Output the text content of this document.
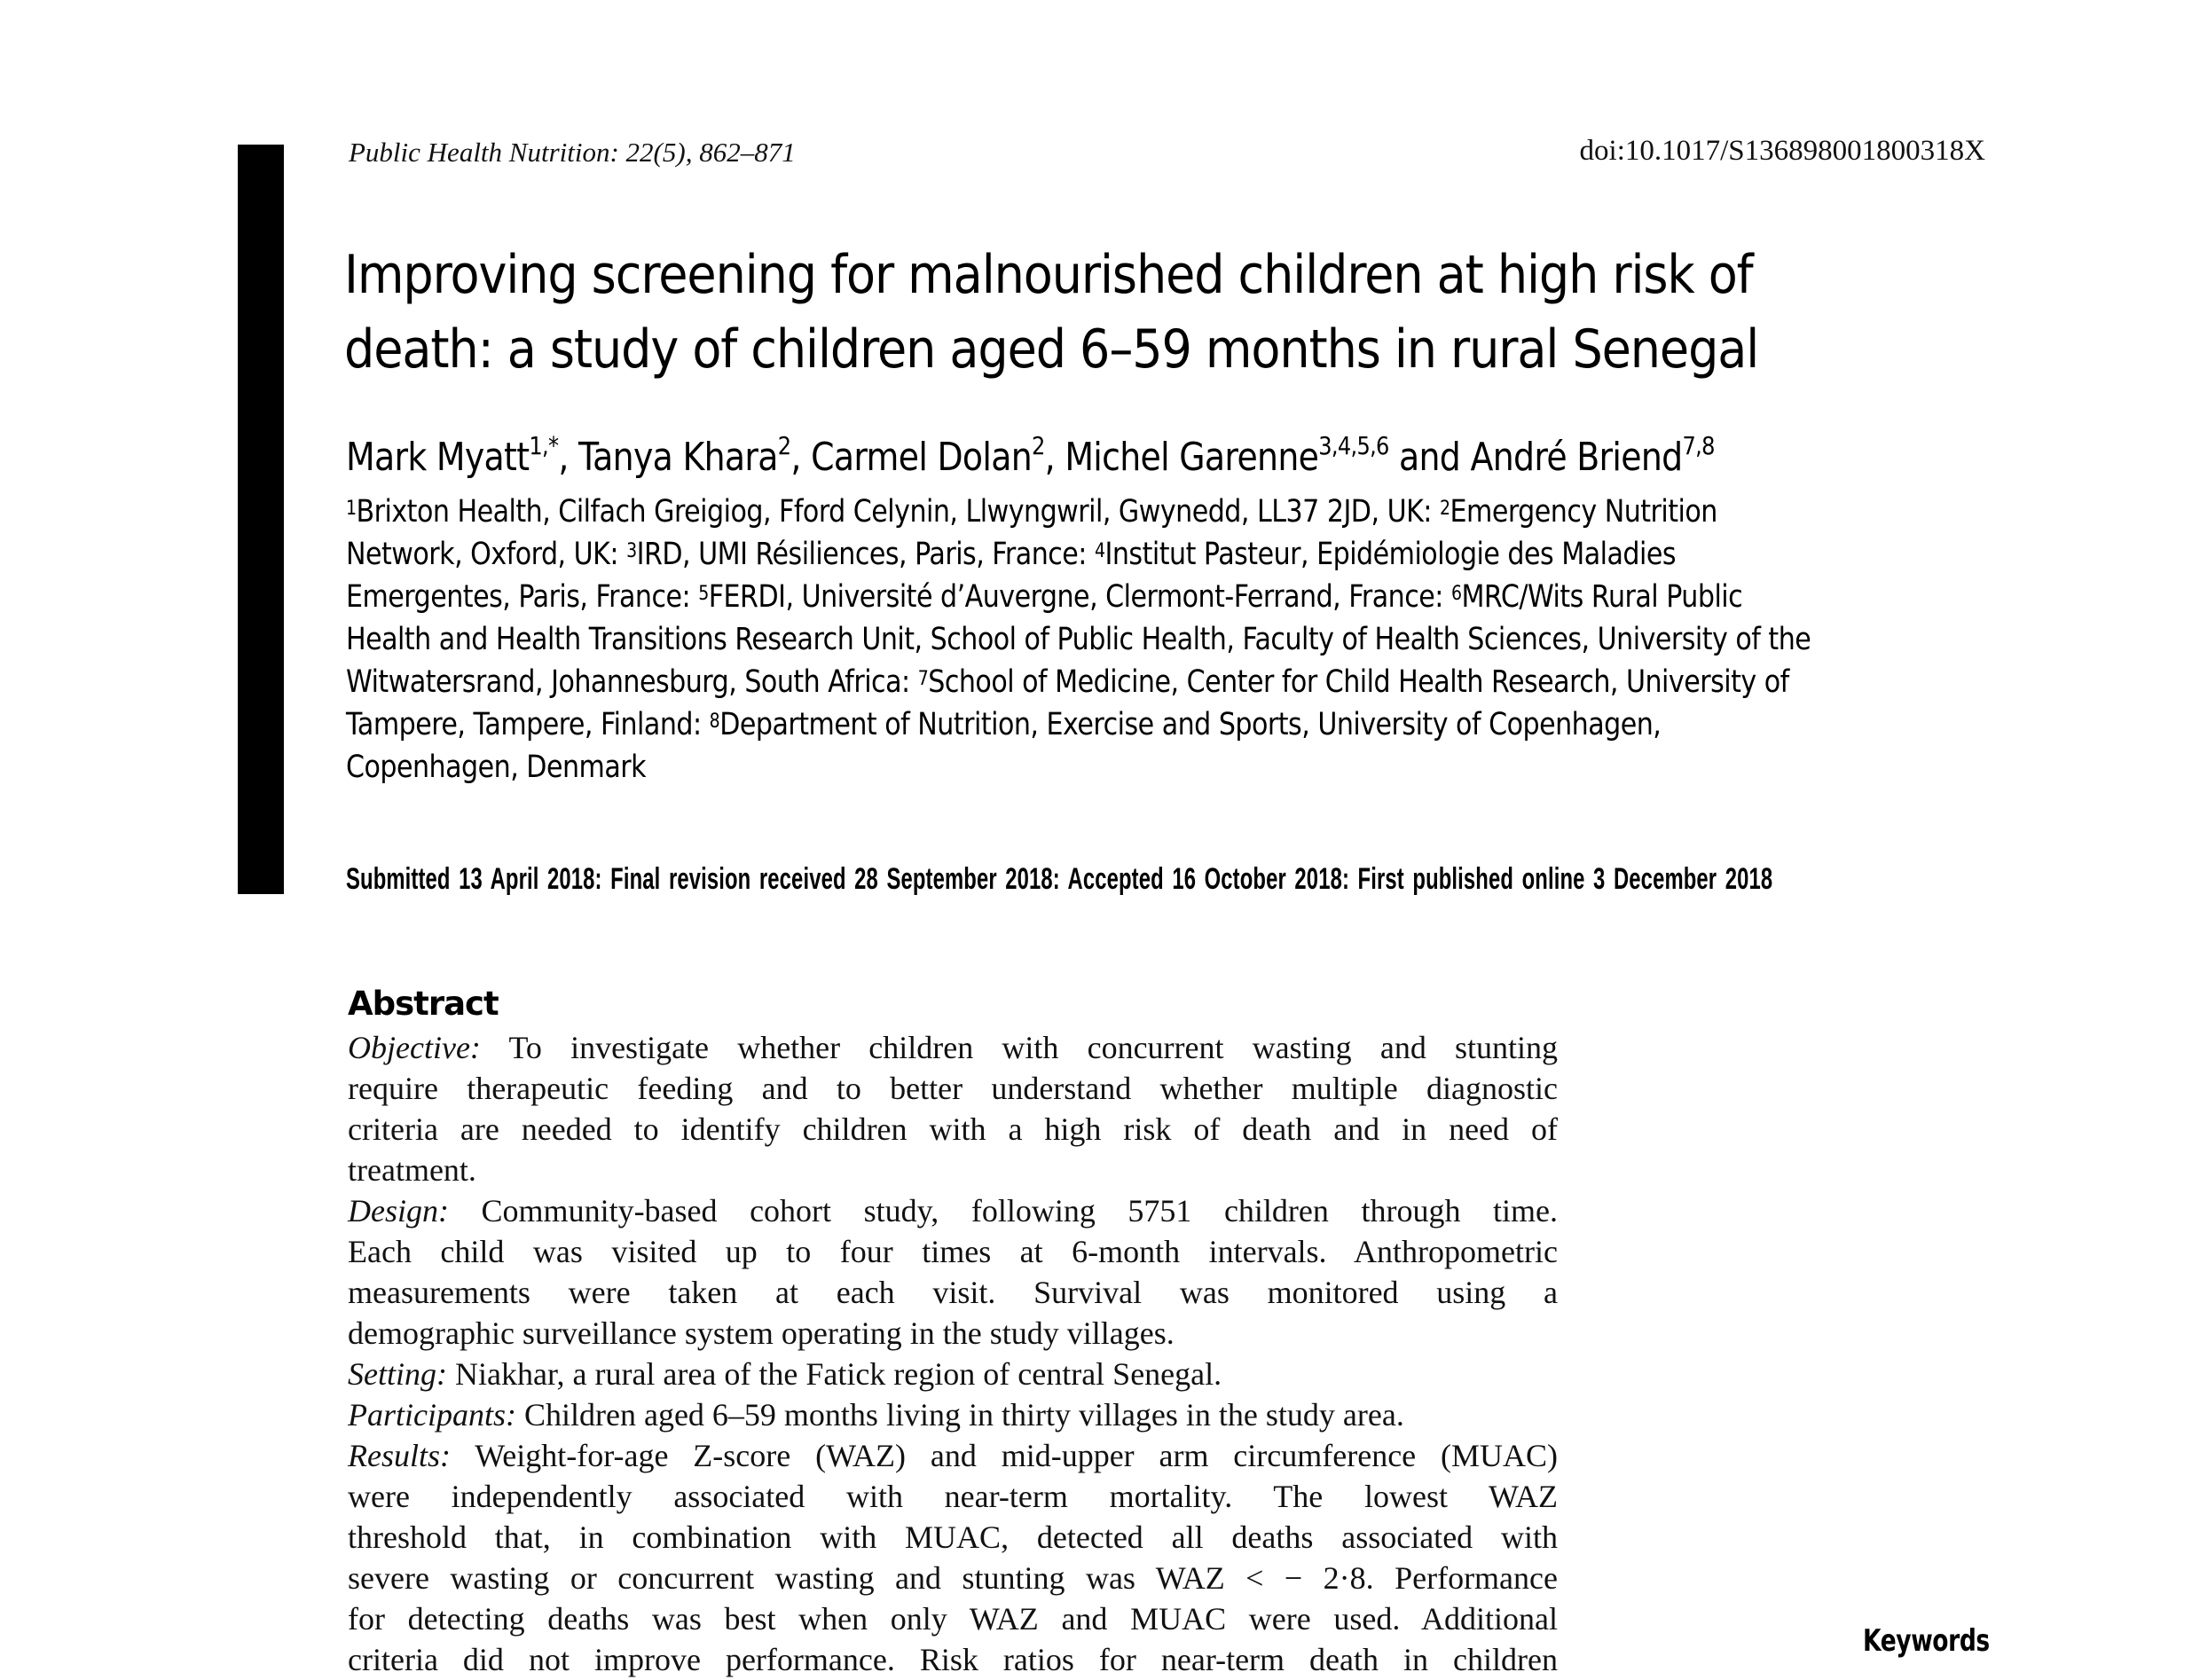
Public Health Nutrition: 22(5), 862–871	doi:10.1017/S136898001800318X
Improving screening for malnourished children at high risk of
death: a study of children aged 6–59 months in rural Senegal
Mark Myatt$^{1,*}$, Tanya Khara$^2$, Carmel Dolan$^2$, Michel Garenne$^{3,4,5,6}$ and André Briend$^{7,8}$
$^1$Brixton Health, Cilfach Greigiog, Fford Celynin, Llwyngwril, Gwynedd, LL37 2JD, UK: $^2$Emergency Nutrition
Network, Oxford, UK: $^3$IRD, UMI Résiliences, Paris, France: $^4$Institut Pasteur, Epidémiologie des Maladies
Emergentes, Paris, France: $^5$FERDI, Université d’Auvergne, Clermont-Ferrand, France: $^6$MRC/Wits Rural Public
Health and Health Transitions Research Unit, School of Public Health, Faculty of Health Sciences, University of the
Witwatersrand, Johannesburg, South Africa: $^7$School of Medicine, Center for Child Health Research, University of
Tampere, Tampere, Finland: $^8$Department of Nutrition, Exercise and Sports, University of Copenhagen,
Copenhagen, Denmark
Submitted 13 April 2018: Final revision received 28 September 2018: Accepted 16 October 2018: First published online 3 December 2018
Abstract
Objective: To investigate whether children with concurrent wasting and stunting
require therapeutic feeding and to better understand whether multiple diagnostic
criteria are needed to identify children with a high risk of death and in need of
treatment.
Design: Community-based cohort study, following 5751 children through time.
Each child was visited up to four times at 6-month intervals. Anthropometric
measurements were taken at each visit. Survival was monitored using a
demographic surveillance system operating in the study villages.
Setting: Niakhar, a rural area of the Fatick region of central Senegal.
Participants: Children aged 6–59 months living in thirty villages in the study area.
Results: Weight-for-age Z-score (WAZ) and mid-upper arm circumference (MUAC)
were independently associated with near-term mortality. The lowest WAZ
threshold that, in combination with MUAC, detected all deaths associated with
severe wasting or concurrent wasting and stunting was WAZ < − 2·8. Performance
for detecting deaths was best when only WAZ and MUAC were used. Additional
criteria did not improve performance. Risk ratios for near-term death in children
Keywords
